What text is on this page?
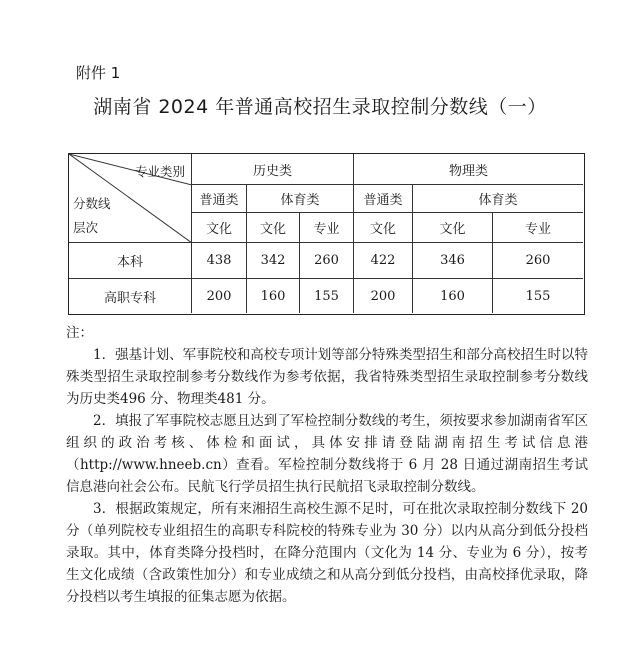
附件 1
湖南省 2024 年普通高校招生录取控制分数线（一）
专业类别
分数线
层次
历史类	物理类
普通类	体育类	普通类	体育类
文化	文化	专业	文化	文化	专业
本科	438	342	260	422	346	260
高职专科	200	160	155	200	160	155

注：

1．强基计划、军事院校和高校专项计划等部分特殊类型招生和部分高校招生时以特殊类型招生录取控制参考分数线作为参考依据，我省特殊类型招生录取控制参考分数线为历史类496 分、物理类481 分。

2．填报了军事院校志愿且达到了军检控制分数线的考生，须按要求参加湖南省军区组织的政治考核、体检和面试，具体安排请登陆湖南招生考试信息港（http://www.hneeb.cn）查看。军检控制分数线将于 6 月 28 日通过湖南招生考试信息港向社会公布。民航飞行学员招生执行民航招飞录取控制分数线。

3．根据政策规定，所有来湘招生高校生源不足时，可在批次录取控制分数线下 20 分（单列院校专业组招生的高职专科院校的特殊专业为 30 分）以内从高分到低分投档录取。其中，体育类降分投档时，在降分范围内（文化为 14 分、专业为 6 分），按考生文化成绩（含政策性加分）和专业成绩之和从高分到低分投档，由高校择优录取，降分投档以考生填报的征集志愿为依据。
